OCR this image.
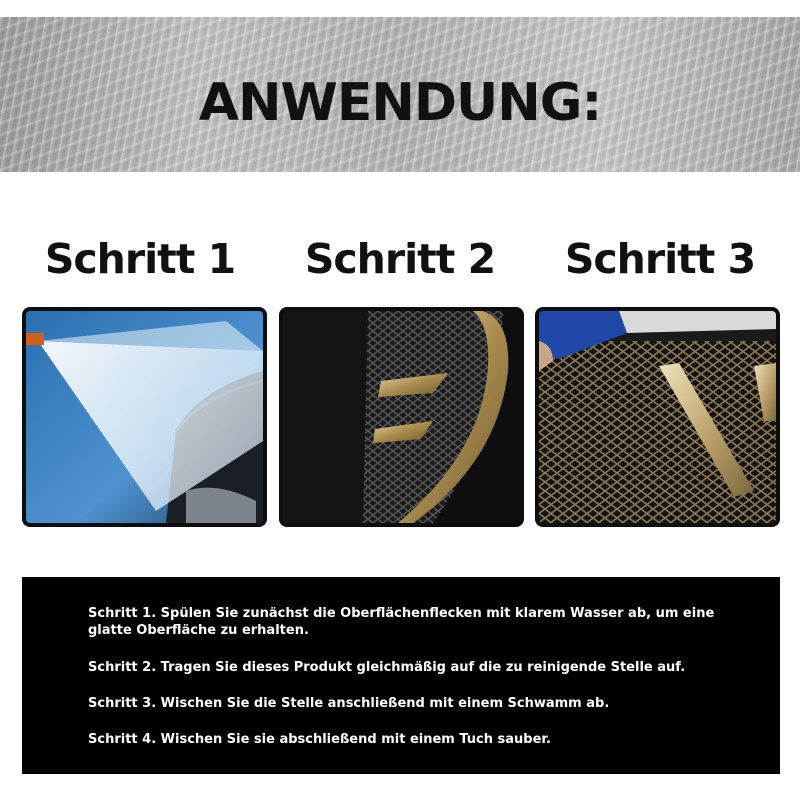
ANWENDUNG:
Schritt 1	Schritt 2	Schritt 3

Schritt 1. Spülen Sie zunächst die Oberflächenflecken mit klarem Wasser ab, um eine glatte Oberfläche zu erhalten.

Schritt 2. Tragen Sie dieses Produkt gleichmäßig auf die zu reinigende Stelle auf.

Schritt 3. Wischen Sie die Stelle anschließend mit einem Schwamm ab.

Schritt 4. Wischen Sie sie abschließend mit einem Tuch sauber.
